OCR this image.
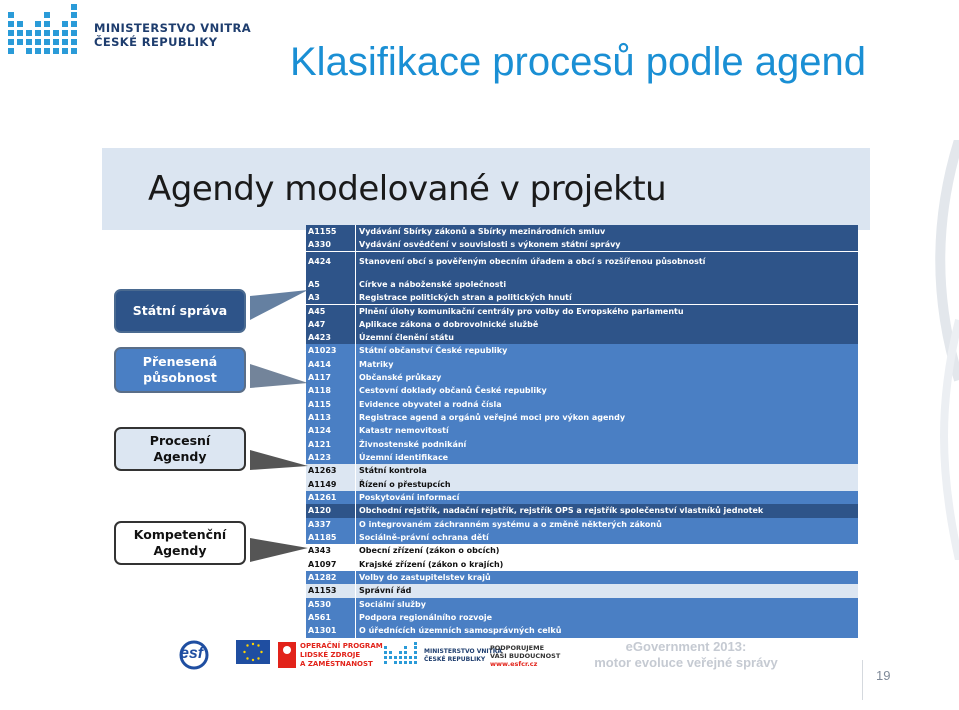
MINISTERSTVO VNITRA
ČESKÉ REPUBLIKY	Klasifikace procesů podle agend
Agendy modelované v projektu
A1155	Vydávání Sbírky zákonů a Sbírky mezinárodních smluv
A330	Vydávání osvědčení v souvislosti s výkonem státní správy
A424	Stanovení obcí s pověřeným obecním úřadem a obcí s rozšířenou působností
A5	Církve a náboženské společnosti
A3	Registrace politických stran a politických hnutí
A45	Plnění úlohy komunikační centrály pro volby do Evropského parlamentu
A47	Aplikace zákona o dobrovolnické službě
A423	Územní členění státu
A1023	Státní občanství České republiky
A414	Matriky
A117	Občanské průkazy
A118	Cestovní doklady občanů České republiky
A115	Evidence obyvatel a rodná čísla
A113	Registrace agend a orgánů veřejné moci pro výkon agendy
A124	Katastr nemovitostí
A121	Živnostenské podnikání
A123	Územní identifikace
A1263	Státní kontrola
A1149	Řízení o přestupcích
A1261	Poskytování informací
A120	Obchodní rejstřík, nadační rejstřík, rejstřík OPS a rejstřík společenství vlastníků jednotek
A337	O integrovaném záchranném systému a o změně některých zákonů
A1185	Sociálně-právní ochrana dětí
A343	Obecní zřízení (zákon o obcích)
A1097	Krajské zřízení (zákon o krajích)
A1282	Volby do zastupitelstev krajů
A1153	Správní řád
A530	Sociální služby
A561	Podpora regionálního rozvoje
A1301	O úřednících územních samosprávných celků
Státní správa
Přenesená
působnost
Procesní
Agendy
Kompetenční
Agendy
esf	OPERAČNÍ PROGRAM
LIDSKÉ ZDROJE
A ZAMĚSTNANOST
MINISTERSTVO VNITRA
ČESKÉ REPUBLIKY
PODPORUJEME
VAŠI BUDOUCNOST
www.esfcr.cz
eGovernment 2013:
motor evoluce veřejné správy
19
